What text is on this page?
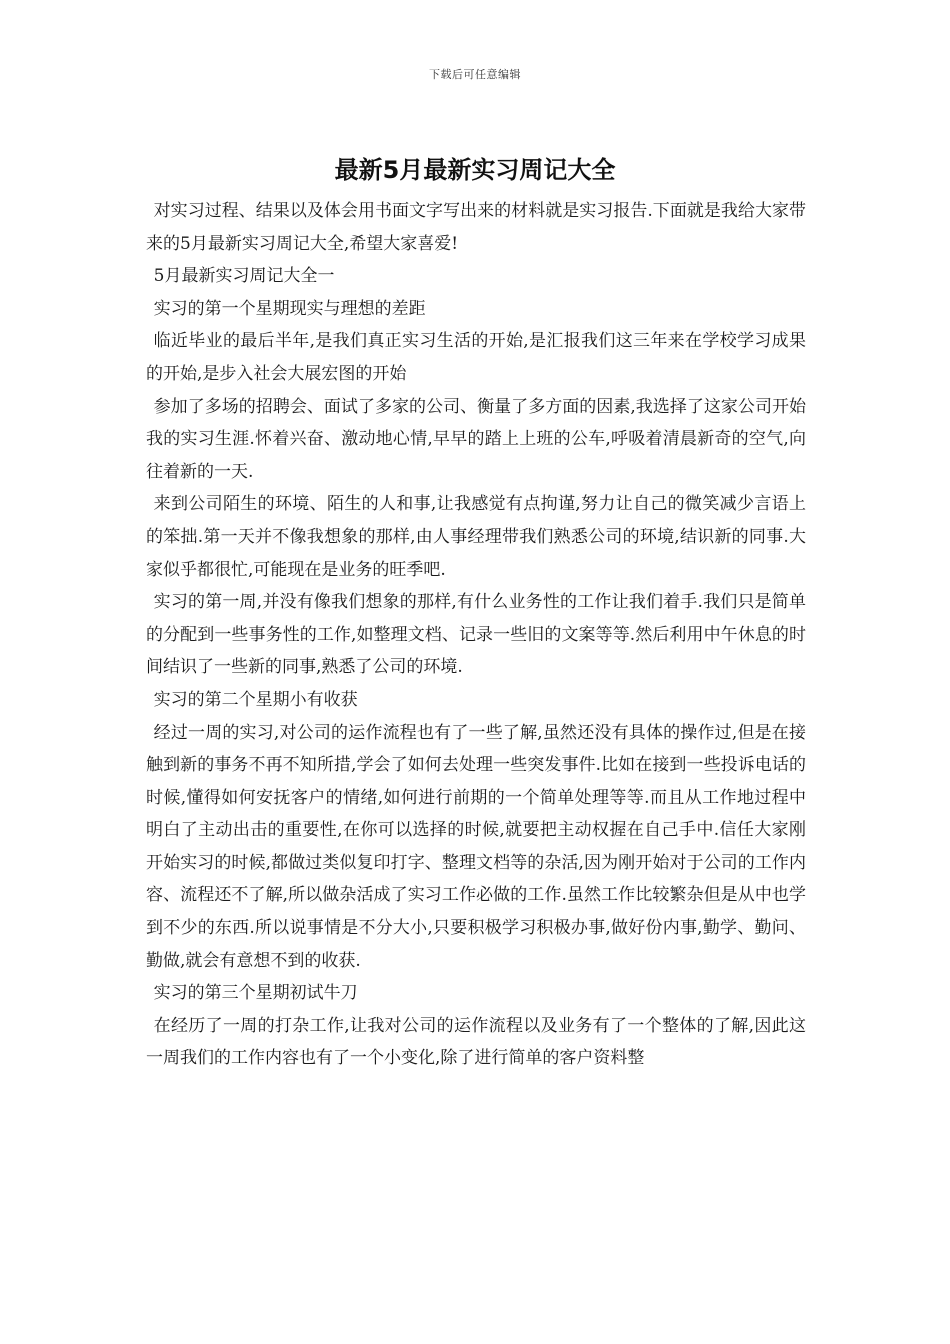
下载后可任意编辑
最新5月最新实习周记大全

对实习过程、结果以及体会用书面文字写出来的材料就是实习报告.下面就是我给大家带来的5月最新实习周记大全,希望大家喜爱!

5月最新实习周记大全一

实习的第一个星期现实与理想的差距

临近毕业的最后半年,是我们真正实习生活的开始,是汇报我们这三年来在学校学习成果的开始,是步入社会大展宏图的开始

参加了多场的招聘会、面试了多家的公司、衡量了多方面的因素,我选择了这家公司开始我的实习生涯.怀着兴奋、激动地心情,早早的踏上上班的公车,呼吸着清晨新奇的空气,向往着新的一天.

来到公司陌生的环境、陌生的人和事,让我感觉有点拘谨,努力让自己的微笑减少言语上的笨拙.第一天并不像我想象的那样,由人事经理带我们熟悉公司的环境,结识新的同事.大家似乎都很忙,可能现在是业务的旺季吧.

实习的第一周,并没有像我们想象的那样,有什么业务性的工作让我们着手.我们只是简单的分配到一些事务性的工作,如整理文档、记录一些旧的文案等等.然后利用中午休息的时间结识了一些新的同事,熟悉了公司的环境.

实习的第二个星期小有收获

经过一周的实习,对公司的运作流程也有了一些了解,虽然还没有具体的操作过,但是在接触到新的事务不再不知所措,学会了如何去处理一些突发事件.比如在接到一些投诉电话的时候,懂得如何安抚客户的情绪,如何进行前期的一个简单处理等等.而且从工作地过程中明白了主动出击的重要性,在你可以选择的时候,就要把主动权握在自己手中.信任大家刚开始实习的时候,都做过类似复印打字、整理文档等的杂活,因为刚开始对于公司的工作内容、流程还不了解,所以做杂活成了实习工作必做的工作.虽然工作比较繁杂但是从中也学到不少的东西.所以说事情是不分大小,只要积极学习积极办事,做好份内事,勤学、勤问、勤做,就会有意想不到的收获.

实习的第三个星期初试牛刀

在经历了一周的打杂工作,让我对公司的运作流程以及业务有了一个整体的了解,因此这一周我们的工作内容也有了一个小变化,除了进行简单的客户资料整
